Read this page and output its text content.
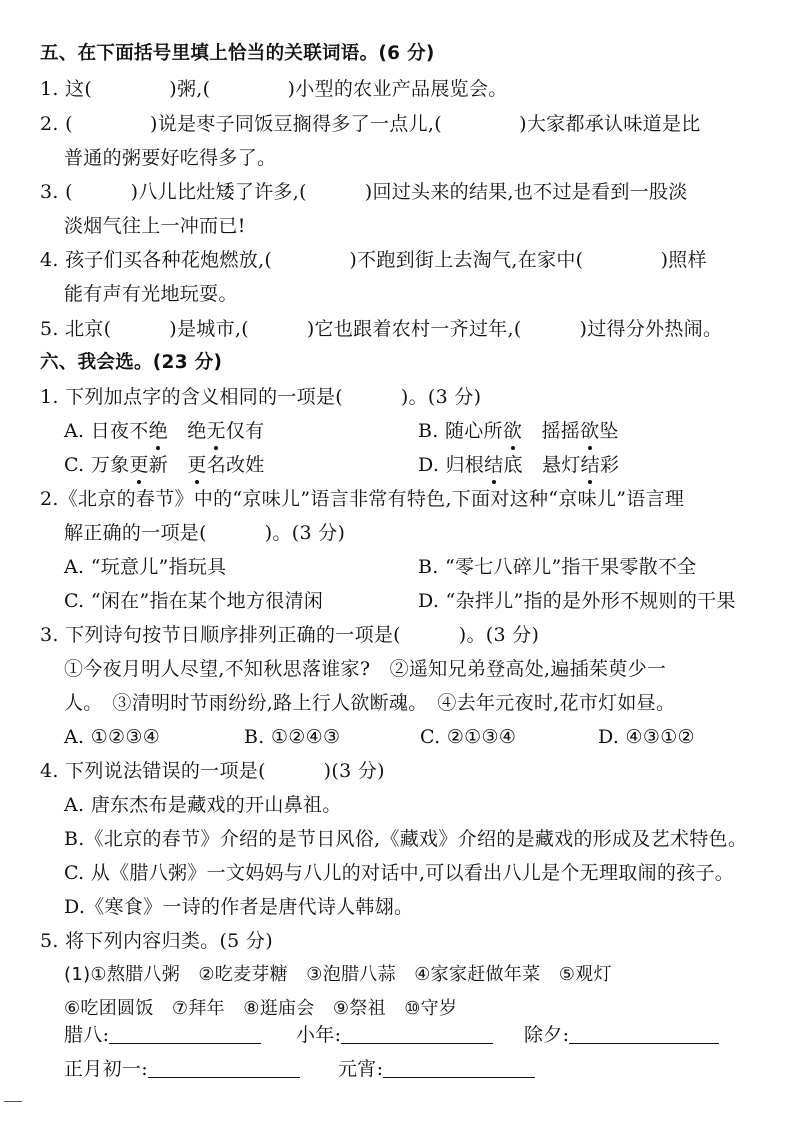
五、在下面括号里填上恰当的关联词语。(6 分)
1. 这(　　　　)粥,(　　　　)小型的农业产品展览会。
2. (　　　　)说是枣子同饭豆搁得多了一点儿,(　　　　)大家都承认味道是比
普通的粥要好吃得多了。
3. (　　　)八儿比灶矮了许多,(　　　)回过头来的结果,也不过是看到一股淡
淡烟气往上一冲而已!
4. 孩子们买各种花炮燃放,(　　　　)不跑到街上去淘气,在家中(　　　　)照样
能有声有光地玩耍。
5. 北京(　　　)是城市,(　　　)它也跟着农村一齐过年,(　　　)过得分外热闹。
六、我会选。(23 分)
1. 下列加点字的含义相同的一项是(　　　)。(3 分)
A. 日夜不绝　绝无仅有	B. 随心所欲　摇摇欲坠
C. 万象更新　更名改姓	D. 归根结底　悬灯结彩
2.《北京的春节》中的“京味儿”语言非常有特色,下面对这种“京味儿”语言理
解正确的一项是(　　　)。(3 分)
A. “玩意儿”指玩具	B. “零七八碎儿”指干果零散不全
C. “闲在”指在某个地方很清闲	D. “杂拌儿”指的是外形不规则的干果
3. 下列诗句按节日顺序排列正确的一项是(　　　)。(3 分)
①今夜月明人尽望,不知秋思落谁家?　②遥知兄弟登高处,遍插茱萸少一
人。　③清明时节雨纷纷,路上行人欲断魂。　④去年元夜时,花市灯如昼。
A. ①②③④	B. ①②④③	C. ②①③④	D. ④③①②
4. 下列说法错误的一项是(　　　)(3 分)
A. 唐东杰布是藏戏的开山鼻祖。
B.《北京的春节》介绍的是节日风俗,《藏戏》介绍的是藏戏的形成及艺术特色。
C. 从《腊八粥》一文妈妈与八儿的对话中,可以看出八儿是个无理取闹的孩子。
D.《寒食》一诗的作者是唐代诗人韩翃。
5. 将下列内容归类。(5 分)
(1)①熬腊八粥　②吃麦芽糖　③泡腊八蒜　④家家赶做年菜　⑤观灯
⑥吃团圆饭　⑦拜年　⑧逛庙会　⑨祭祖　⑩守岁
腊八:	小年:	除夕:
正月初一:	元宵:
